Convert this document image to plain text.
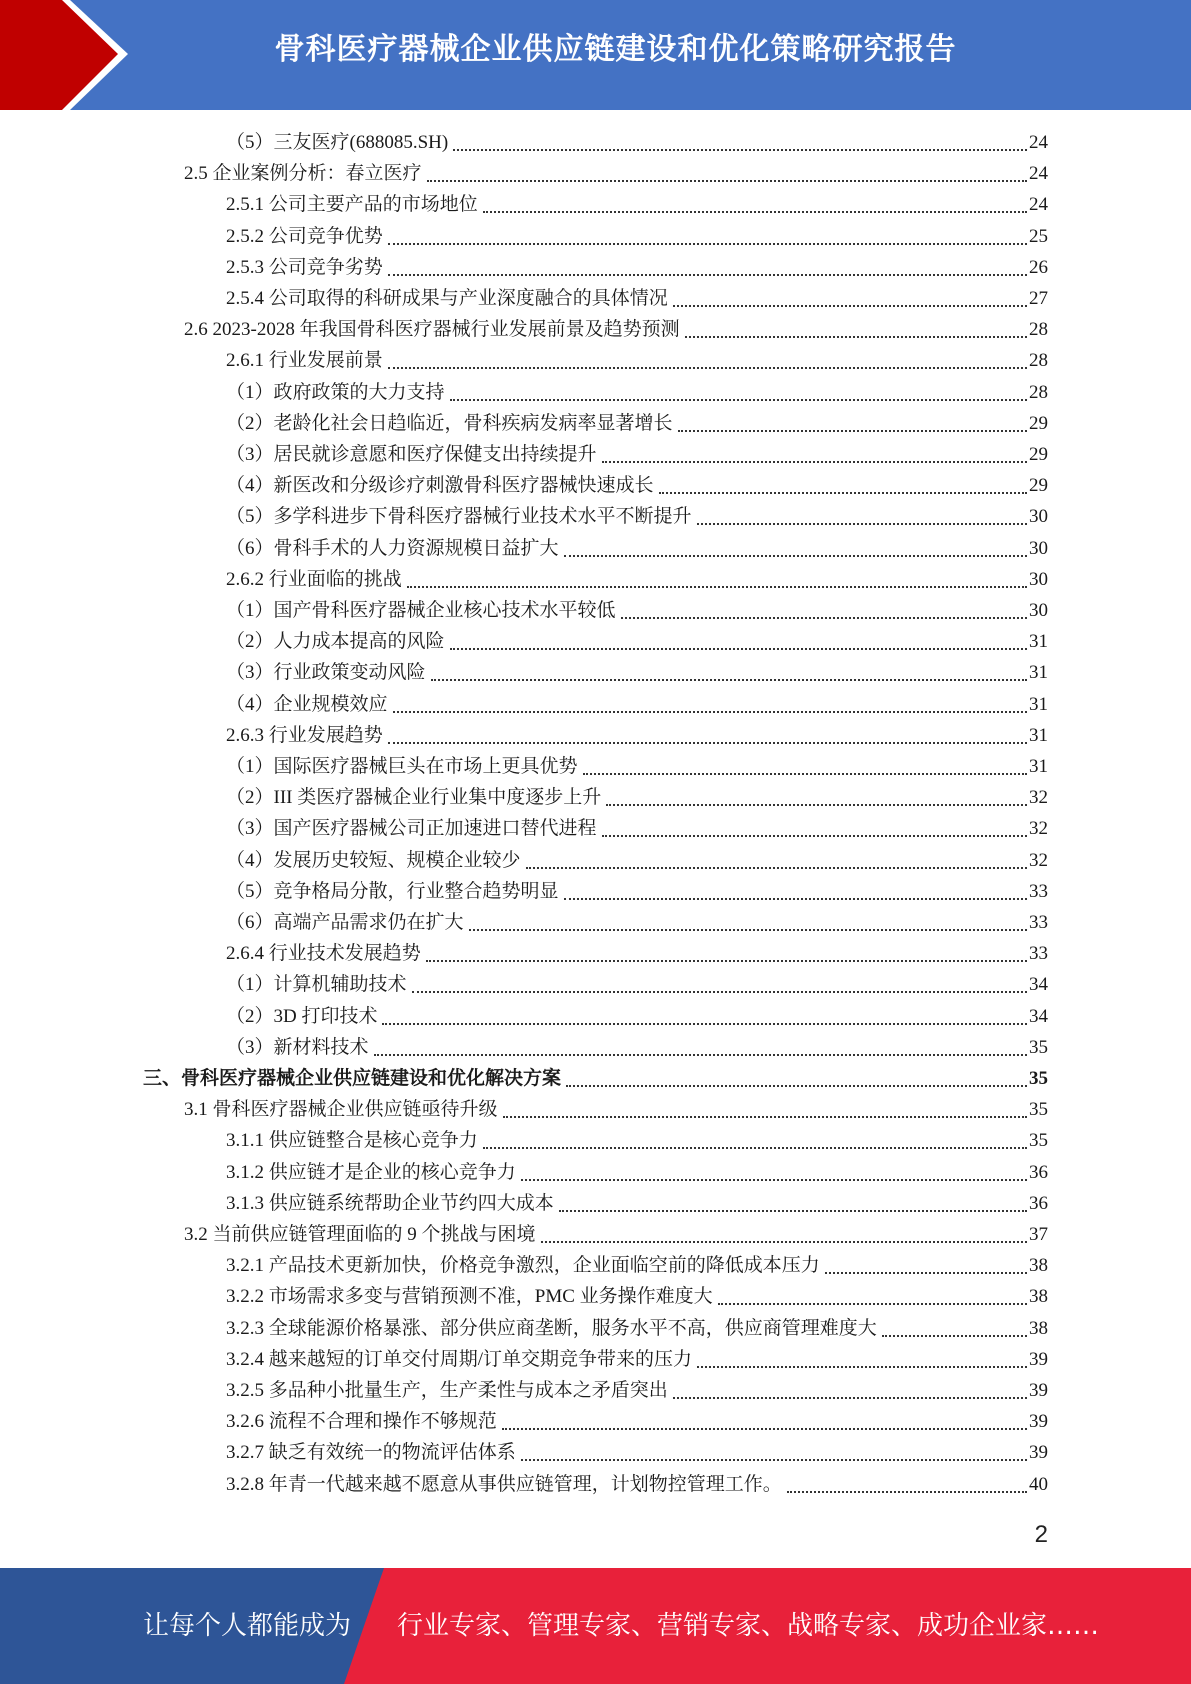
骨科医疗器械企业供应链建设和优化策略研究报告
（5）三友医疗(688085.SH)	24
2.5 企业案例分析：春立医疗	24
2.5.1 公司主要产品的市场地位	24
2.5.2 公司竞争优势	25
2.5.3 公司竞争劣势	26
2.5.4 公司取得的科研成果与产业深度融合的具体情况	27
2.6 2023-2028 年我国骨科医疗器械行业发展前景及趋势预测	28
2.6.1 行业发展前景	28
（1）政府政策的大力支持	28
（2）老龄化社会日趋临近，骨科疾病发病率显著增长	29
（3）居民就诊意愿和医疗保健支出持续提升	29
（4）新医改和分级诊疗刺激骨科医疗器械快速成长	29
（5）多学科进步下骨科医疗器械行业技术水平不断提升	30
（6）骨科手术的人力资源规模日益扩大	30
2.6.2 行业面临的挑战	30
（1）国产骨科医疗器械企业核心技术水平较低	30
（2）人力成本提高的风险	31
（3）行业政策变动风险	31
（4）企业规模效应	31
2.6.3 行业发展趋势	31
（1）国际医疗器械巨头在市场上更具优势	31
（2）III 类医疗器械企业行业集中度逐步上升	32
（3）国产医疗器械公司正加速进口替代进程	32
（4）发展历史较短、规模企业较少	32
（5）竞争格局分散，行业整合趋势明显	33
（6）高端产品需求仍在扩大	33
2.6.4 行业技术发展趋势	33
（1）计算机辅助技术	34
（2）3D 打印技术	34
（3）新材料技术	35
三、骨科医疗器械企业供应链建设和优化解决方案	35
3.1 骨科医疗器械企业供应链亟待升级	35
3.1.1 供应链整合是核心竞争力	35
3.1.2 供应链才是企业的核心竞争力	36
3.1.3 供应链系统帮助企业节约四大成本	36
3.2 当前供应链管理面临的 9 个挑战与困境	37
3.2.1 产品技术更新加快，价格竞争激烈，企业面临空前的降低成本压力	38
3.2.2 市场需求多变与营销预测不准，PMC 业务操作难度大	38
3.2.3 全球能源价格暴涨、部分供应商垄断，服务水平不高，供应商管理难度大	38
3.2.4 越来越短的订单交付周期/订单交期竞争带来的压力	39
3.2.5 多品种小批量生产，生产柔性与成本之矛盾突出	39
3.2.6 流程不合理和操作不够规范	39
3.2.7 缺乏有效统一的物流评估体系	39
3.2.8 年青一代越来越不愿意从事供应链管理，计划物控管理工作。	40
2
让每个人都能成为 行业专家、管理专家、营销专家、战略专家、成功企业家……
